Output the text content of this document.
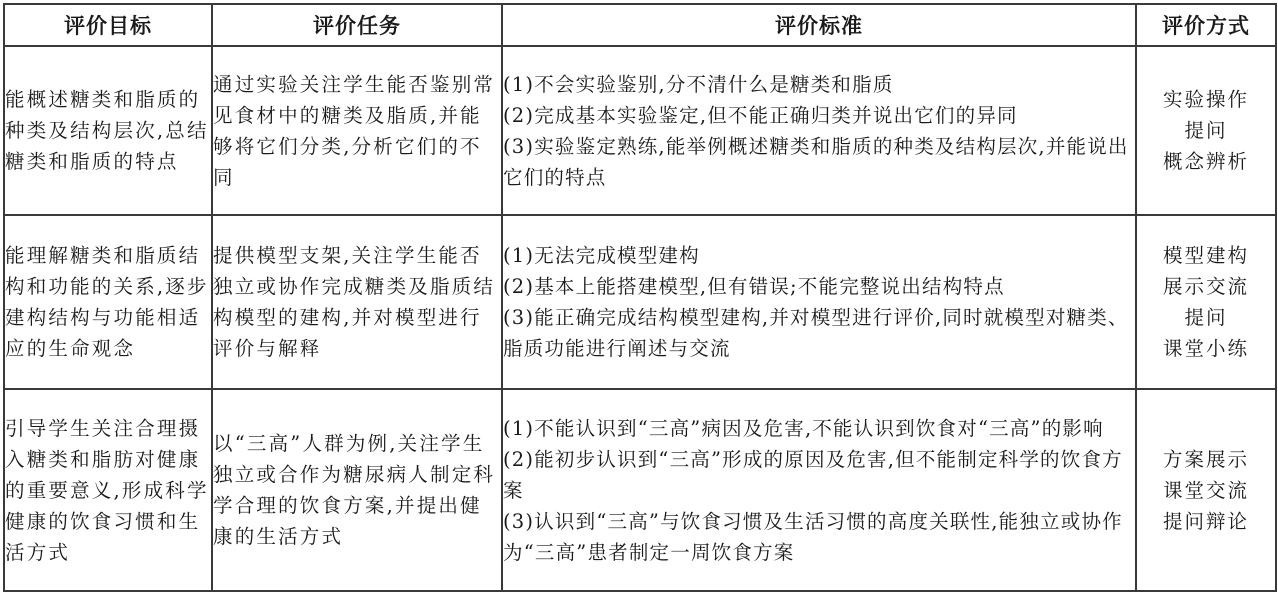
评价目标	评价任务	评价标准	评价方式

能概述糖类和脂质的种类及结构层次,总结糖类和脂质的特点	通过实验关注学生能否鉴别常见食材中的糖类及脂质,并能够将它们分类,分析它们的不同	(1)不会实验鉴别,分不清什么是糖类和脂质
(2)完成基本实验鉴定,但不能正确归类并说出它们的异同
(3)实验鉴定熟练,能举例概述糖类和脂质的种类及结构层次,并能说出它们的特点	实验操作
提问
概念辨析

能理解糖类和脂质结构和功能的关系,逐步建构结构与功能相适应的生命观念	提供模型支架,关注学生能否独立或协作完成糖类及脂质结构模型的建构,并对模型进行评价与解释	(1)无法完成模型建构
(2)基本上能搭建模型,但有错误;不能完整说出结构特点
(3)能正确完成结构模型建构,并对模型进行评价,同时就模型对糖类、脂质功能进行阐述与交流	模型建构
展示交流
提问
课堂小练

引导学生关注合理摄入糖类和脂肪对健康的重要意义,形成科学健康的饮食习惯和生活方式	以“三高”人群为例,关注学生独立或合作为糖尿病人制定科学合理的饮食方案,并提出健康的生活方式	(1)不能认识到“三高”病因及危害,不能认识到饮食对“三高”的影响
(2)能初步认识到“三高”形成的原因及危害,但不能制定科学的饮食方案
(3)认识到“三高”与饮食习惯及生活习惯的高度关联性,能独立或协作为“三高”患者制定一周饮食方案	方案展示
课堂交流
提问辩论
